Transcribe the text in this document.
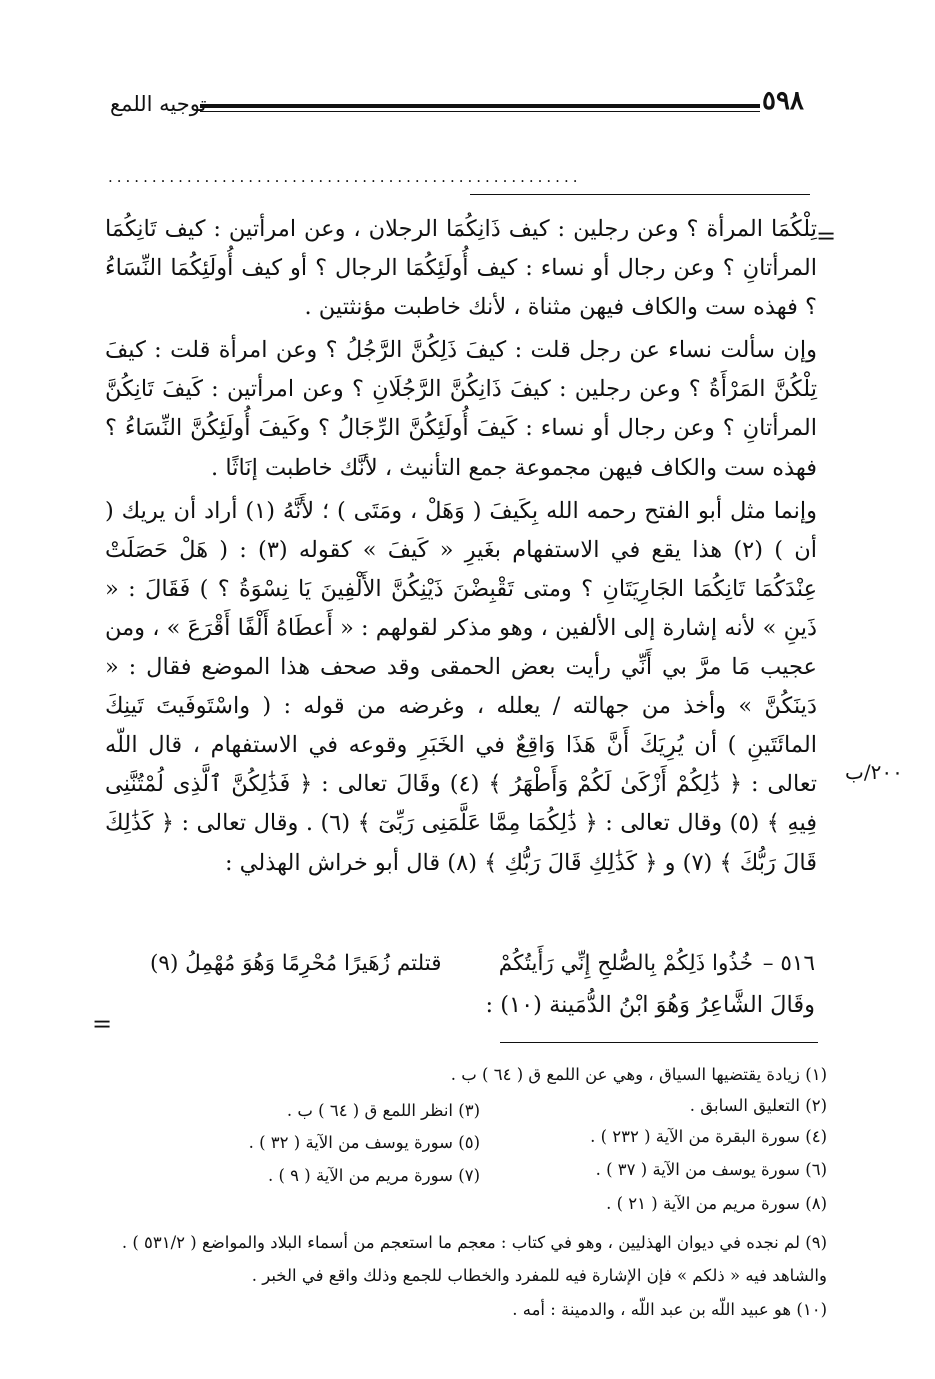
٥٩٨
توجيه اللمع
......................................................
=
٢٠٠/ب

تِلْكُمَا المرأة ؟ وعن رجلين : كيف ذَانِكُمَا الرجلان ، وعن امرأتين : كيف تَانِكُمَا المرأتانِ ؟ وعن رجال أو نساء : كيف أُولَئِكُمَا الرجال ؟ أو كيف أُولَئِكُمَا النِّسَاءُ ؟ فهذه ست والكاف فيهن مثناة ، لأنك خاطبت مؤنثتين .

وإن سألت نساء عن رجل قلت : كيفَ ذَلِكُنَّ الرَّجُلُ ؟ وعن امرأة قلت : كيفَ تِلْكُنَّ المَرْأَةُ ؟ وعن رجلين : كيفَ ذَانِكُنَّ الرَّجُلَانِ ؟ وعن امرأتين : كَيفَ تَانِكُنَّ المرأتانِ ؟ وعن رجال أو نساء : كَيفَ أُولَئِكُنَّ الرِّجَالُ ؟ وكَيفَ أُولَئِكُنَّ النِّسَاءُ ؟ فهذه ست والكاف فيهن مجموعة جمع التأنيث ، لأنَّك خاطبت إنَاثًا .

وإنما مثل أبو الفتح رحمه الله بِكَيفَ ( وَهَلْ ، ومَتَى ) ؛ لأَنَّهُ (١) أراد أن يريك ( أن ) (٢) هذا يقع في الاستفهام بغَيرِ « كَيفَ » كقوله (٣) : ( هَلْ حَصَلَتْ عِنْدَكُمَا تَانِكُمَا الجَارِيَتَانِ ؟ ومتى تَقْبِضْنَ ذَيْنِكُنَّ الأَلْفِينَ يَا نِسْوَةُ ؟ ) فَقَالَ : « ذَينِ » لأنه إشارة إلى الألفين ، وهو مذكر لقولهم : « أَعطَاهُ أَلْفًا أَقْرَعَ » ، ومن عجيب مَا مرَّ بي أَنِّي رأيت بعض الحمقى وقد صحف هذا الموضع فقال : « دَينَكُنَّ » وأخذ من جهالته / يعلله ، وغرضه من قوله : ( واسْتَوفَيتَ تَينِكَ المائَتَينِ ) أن يُرِيَكَ أَنَّ هَذَا وَاقِعٌ في الخَبَرِ وقوعه في الاستفهام ، قال اللّه تعالى : ﴿ ذَٰلِكُمْ أَزْكَىٰ لَكُمْ وَأَطْهَرُ ﴾ (٤) وقَالَ تعالى : ﴿ فَذَٰلِكُنَّ ٱلَّذِى لُمْتُنَّنِى فِيهِ ﴾ (٥) وقال تعالى : ﴿ ذَٰلِكُمَا مِمَّا عَلَّمَنِى رَبِّىٓ ﴾ (٦) . وقال تعالى : ﴿ كَذَٰلِكَ قَالَ رَبُّكَ ﴾ (٧) و ﴿ كَذَٰلِكِ قَالَ رَبُّكِ ﴾ (٨) قال أبو خراش الهذلي :

٥١٦ –
خُذُوا ذَلِكُمْ بِالصُّلحِ إِنِّي رَأَيتُكُمْ
قتلتم زُهَيرًا مُحْرِمًا وَهُوَ مُهْمِلُ (٩)
وقَالَ الشَّاعِرُ وَهُوَ ابْنُ الدُّمَينة (١٠) :
=
(١) زيادة يقتضيها السياق ، وهي عن اللمع ق ( ٦٤ ) ب .
(٢) التعليق السابق .
(٣) انظر اللمع ق ( ٦٤ ) ب .
(٤) سورة البقرة من الآية ( ٢٣٢ ) .
(٥) سورة يوسف من الآية ( ٣٢ ) .
(٦) سورة يوسف من الآية ( ٣٧ ) .
(٧) سورة مريم من الآية ( ٩ ) .
(٨) سورة مريم من الآية ( ٢١ ) .
(٩) لم نجده في ديوان الهذليين ، وهو في كتاب : معجم ما استعجم من أسماء البلاد والمواضع ( ٥٣١/٢ ) .
والشاهد فيه « ذلكم » فإن الإشارة فيه للمفرد والخطاب للجمع وذلك واقع في الخبر .
(١٠) هو عبيد اللّه بن عبد اللّه ، والدمينة : أمه .
